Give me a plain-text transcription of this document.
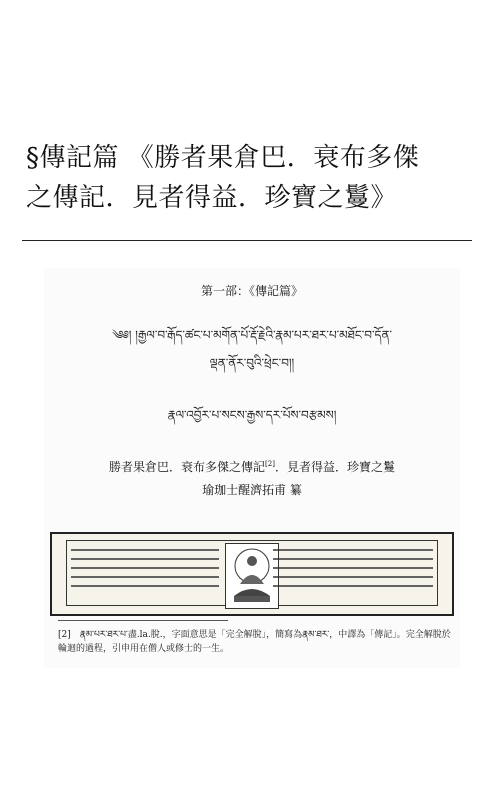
§傳記篇 《勝者果倉巴．衰布多傑
之傳記．見者得益．珍寶之鬘》
第一部：《傳記篇》
༄༅། །རྒྱལ་བ་རྒོད་ཚང་པ་མགོན་པོ་རྡོ་རྗེའི་རྣམ་པར་ཐར་པ་མཐོང་བ་དོན་
ལྡན་ནོར་བུའི་ཕྲེང་བ།།
རྣལ་འབྱོར་པ་སངས་རྒྱས་དར་པོས་བརྩམས།
勝者果倉巴．衰布多傑之傳記[2]．見者得益．珍寶之鬘
瑜珈士醒濟拓甫 纂
[2]　རྣམ་པར་ཐར་པ་盡.la.脫.，字面意思是「完全解脫」，簡寫為རྣམ་ཐར་，中譯為「傳記」。完全解脫於輪迴的過程，引申用在僧人或修士的一生。
